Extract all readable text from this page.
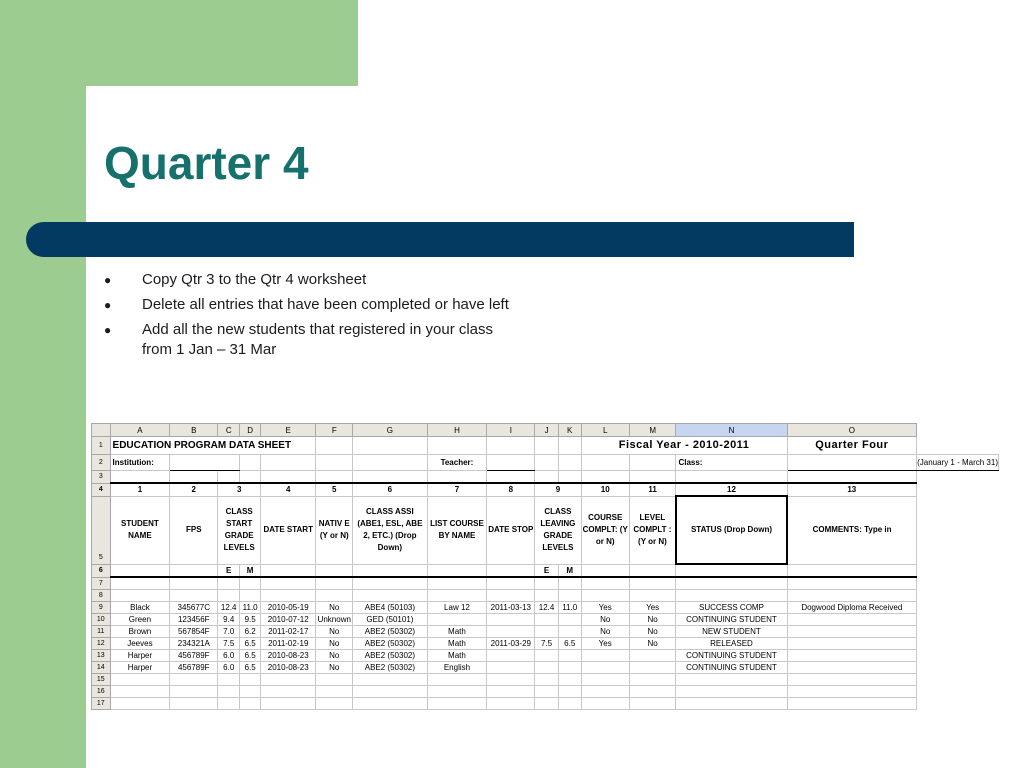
Quarter 4
● Copy Qtr 3 to the Qtr 4 worksheet
● Delete all entries that have been completed or have left
● Add all the new students that registered in your class from 1 Jan – 31 Mar
	A	B	C	D	E	F	G	H	I	J	K	L	M	N	O	
1	EDUCATION PROGRAM DATA SHEET											Fiscal Year - 2010-2011			Quarter Four	
2	Institution:							Teacher:						Class:		(January 1 - March 31)
3																
4	1	2	3		4	5	6	7	8	9		10	11	12	13	
5	STUDENT NAME	FPS	CLASS START GRADE LEVELS		DATE START	NATIV E (Y or N)	CLASS ASSI (ABE1, ESL, ABE 2, ETC.) (Drop Down)	LIST COURSE BY NAME	DATE STOP	CLASS LEAVING GRADE LEVELS		COURSE COMPLT: (Y or N)	LEVEL COMPLT : (Y or N)	STATUS (Drop Down)	COMMENTS: Type in	
6			E	M						E	M					
7																
8																
9	Black	345677C	12.4	11.0	2010-05-19	No	ABE4 (50103)	Law 12	2011-03-13	12.4	11.0	Yes	Yes	SUCCESS COMP	Dogwood Diploma Received	
10	Green	123456F	9.4	9.5	2010-07-12	Unknown	GED (50101)					No	No	CONTINUING STUDENT		
11	Brown	567854F	7.0	6.2	2011-02-17	No	ABE2 (50302)	Math				No	No	NEW STUDENT		
12	Jeeves	234321A	7.5	6.5	2011-02-19	No	ABE2 (50302)	Math	2011-03-29	7.5	6.5	Yes	No	RELEASED		
13	Harper	456789F	6.0	6.5	2010-08-23	No	ABE2 (50302)	Math						CONTINUING STUDENT		
14	Harper	456789F	6.0	6.5	2010-08-23	No	ABE2 (50302)	English						CONTINUING STUDENT		
15																
16																
17																
